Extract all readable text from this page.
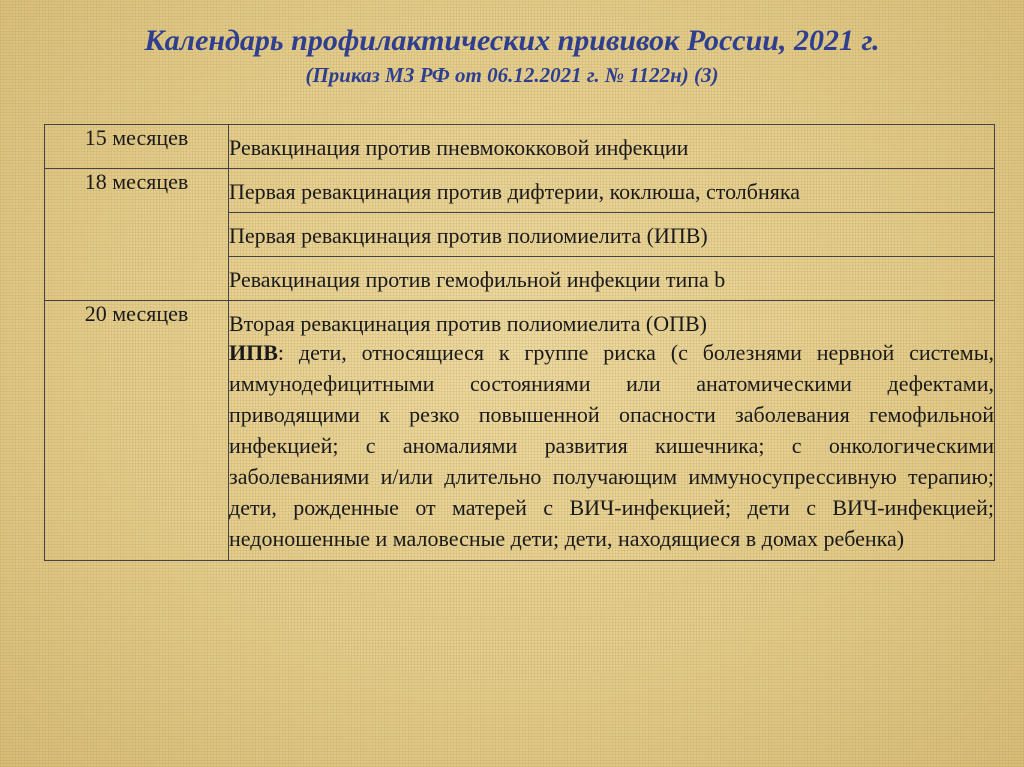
Календарь профилактических прививок России, 2021 г.
(Приказ МЗ РФ от 06.12.2021 г. № 1122н) (3)
15 месяцев	Ревакцинация против пневмококковой инфекции

18 месяцев	Первая ревакцинация против дифтерии, коклюша, столбняка

	Первая ревакцинация против полиомиелита (ИПВ)

	Ревакцинация против гемофильной инфекции типа b

20 месяцев	Вторая ревакцинация против полиомиелита (ОПВ)
ИПВ: дети, относящиеся к группе риска (с болезнями нервной системы, иммунодефицитными состояниями или анатомическими дефектами, приводящими к резко повышенной опасности заболевания гемофильной инфекцией; с аномалиями развития кишечника; с онкологическими заболеваниями и/или длительно получающим иммуносупрессивную терапию; дети, рожденные от матерей с ВИЧ-инфекцией; дети с ВИЧ-инфекцией; недоношенные и маловесные дети; дети, находящиеся в домах ребенка)
